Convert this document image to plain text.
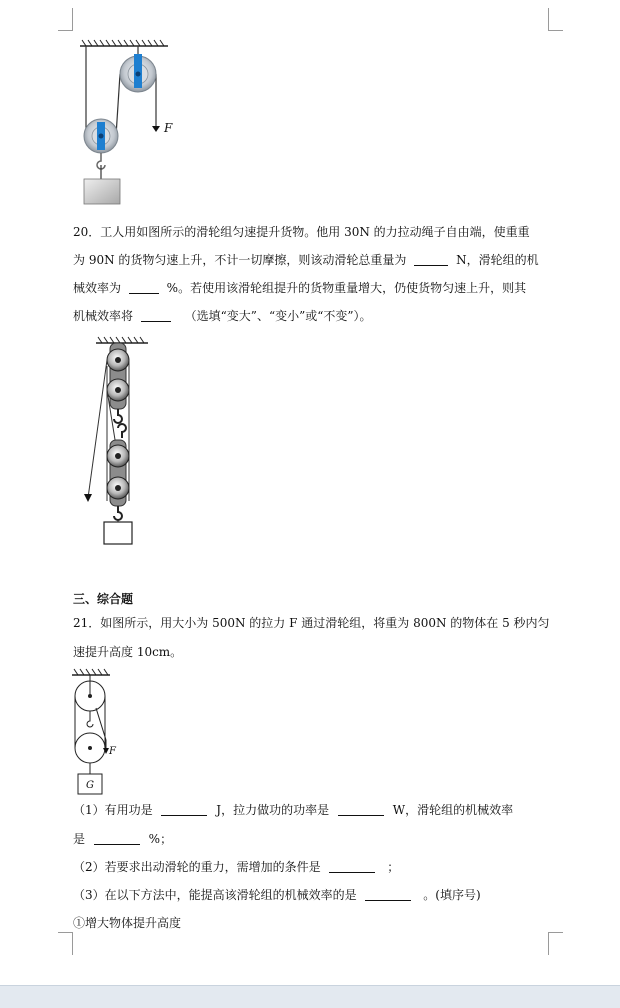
F
20．工人用如图所示的滑轮组匀速提升货物。他用 30N 的力拉动绳子自由端，使重重
为 90N 的货物匀速上升，不计一切摩擦，则该动滑轮总重量为	N，滑轮组的机
械效率为	%。若使用该滑轮组提升的货物重量增大，仍使货物匀速上升，则其
机械效率将	（选填“变大”、“变小”或“不变”）。
三、综合题
21．如图所示，用大小为 500N 的拉力 F 通过滑轮组，将重为 800N 的物体在 5 秒内匀
速提升高度 10cm。
F
G
（1）有用功是	J，拉力做功的功率是	W，滑轮组的机械效率
是	%；
（2）若要求出动滑轮的重力，需增加的条件是	；
（3）在以下方法中，能提高该滑轮组的机械效率的是	。(填序号)
①增大物体提升高度
